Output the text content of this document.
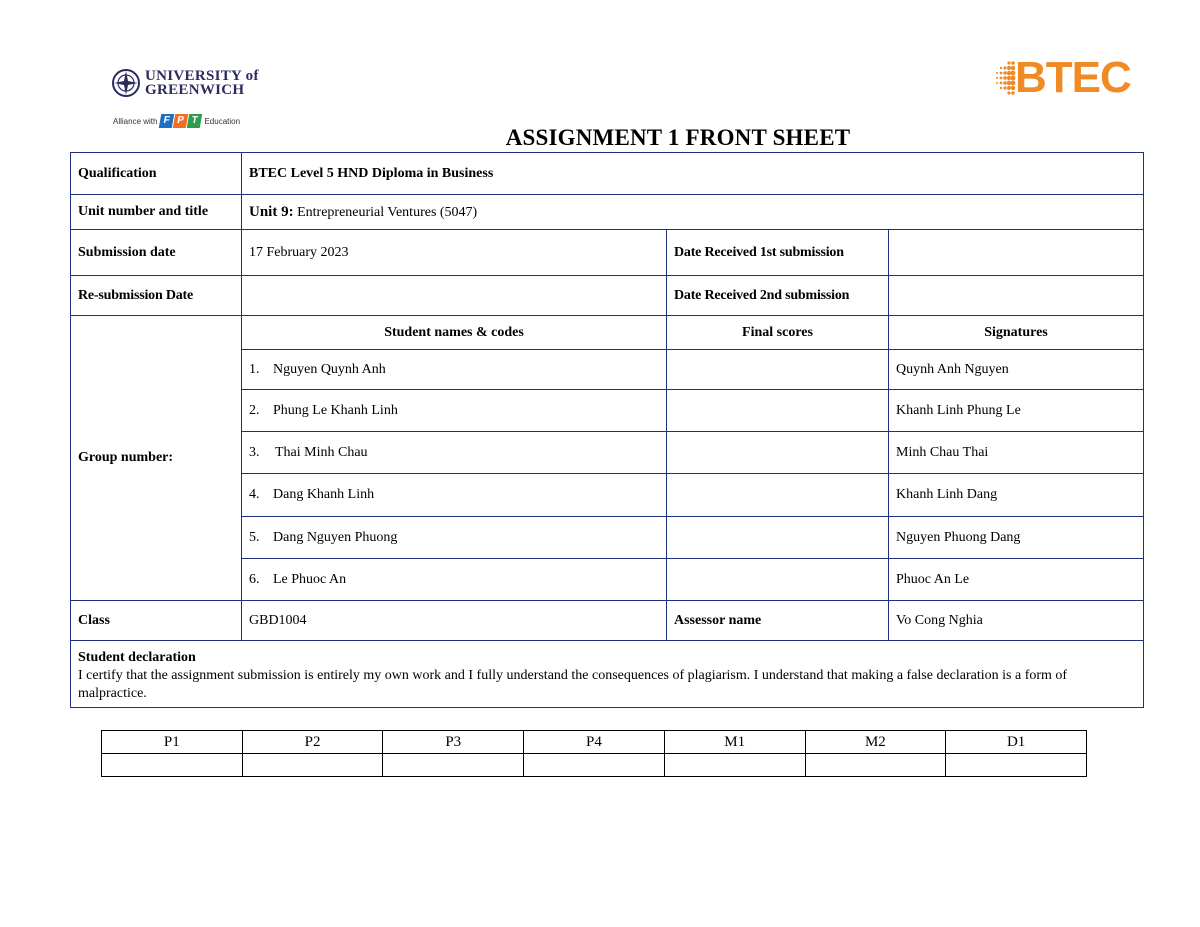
UNIVERSITY of
GREENWICH
Alliance with F P T Education
BTEC
ASSIGNMENT 1 FRONT SHEET
Qualification	BTEC Level 5 HND Diploma in Business		
Unit number and title	Unit 9: Entrepreneurial Ventures (5047)		
Submission date	17 February 2023	Date Received 1st submission	
Re-submission Date		Date Received 2nd submission	
Group number:	Student names & codes	Final scores	Signatures
	1. Nguyen Quynh Anh		Quynh Anh Nguyen
	2. Phung Le Khanh Linh		Khanh Linh Phung Le
	3. Thai Minh Chau		Minh Chau Thai
	4. Dang Khanh Linh		Khanh Linh Dang
	5. Dang Nguyen Phuong		Nguyen Phuong Dang
	6. Le Phuoc An		Phuoc An Le
Class	GBD1004	Assessor name	Vo Cong Nghia

Student declaration
I certify that the assignment submission is entirely my own work and I fully understand the consequences of plagiarism. I understand that making a false declaration is a form of malpractice.			
P1	P2	P3	P4	M1	M2	D1
